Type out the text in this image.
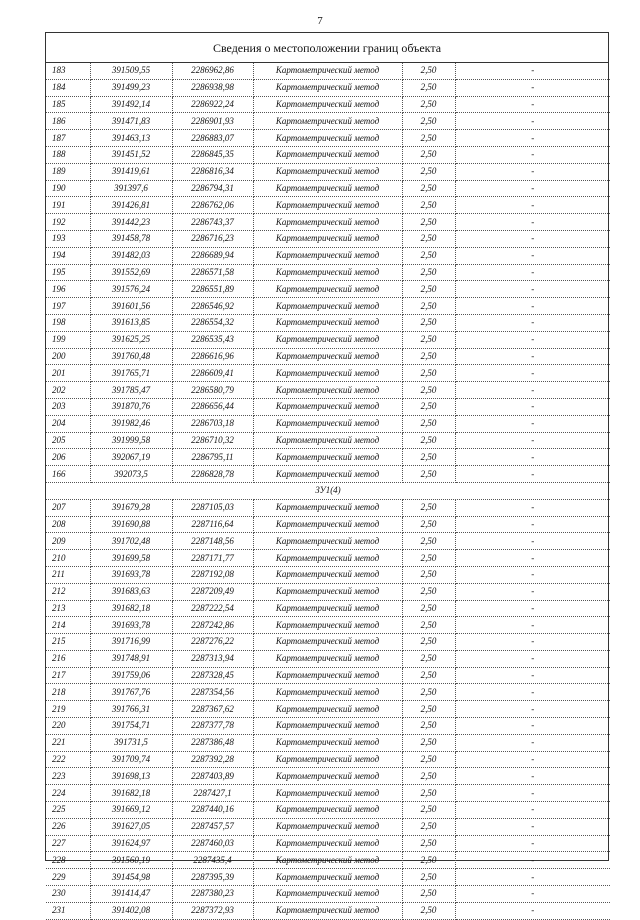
7
Сведения о местоположении границ объекта
183	391509,55	2286962,86	Картометрический метод	2,50	-
184	391499,23	2286938,98	Картометрический метод	2,50	-
185	391492,14	2286922,24	Картометрический метод	2,50	-
186	391471,83	2286901,93	Картометрический метод	2,50	-
187	391463,13	2286883,07	Картометрический метод	2,50	-
188	391451,52	2286845,35	Картометрический метод	2,50	-
189	391419,61	2286816,34	Картометрический метод	2,50	-
190	391397,6	2286794,31	Картометрический метод	2,50	-
191	391426,81	2286762,06	Картометрический метод	2,50	-
192	391442,23	2286743,37	Картометрический метод	2,50	-
193	391458,78	2286716,23	Картометрический метод	2,50	-
194	391482,03	2286689,94	Картометрический метод	2,50	-
195	391552,69	2286571,58	Картометрический метод	2,50	-
196	391576,24	2286551,89	Картометрический метод	2,50	-
197	391601,56	2286546,92	Картометрический метод	2,50	-
198	391613,85	2286554,32	Картометрический метод	2,50	-
199	391625,25	2286535,43	Картометрический метод	2,50	-
200	391760,48	2286616,96	Картометрический метод	2,50	-
201	391765,71	2286609,41	Картометрический метод	2,50	-
202	391785,47	2286580,79	Картометрический метод	2,50	-
203	391870,76	2286656,44	Картометрический метод	2,50	-
204	391982,46	2286703,18	Картометрический метод	2,50	-
205	391999,58	2286710,32	Картометрический метод	2,50	-
206	392067,19	2286795,11	Картометрический метод	2,50	-
166	392073,5	2286828,78	Картометрический метод	2,50	-
ЗУ1(4)					
207	391679,28	2287105,03	Картометрический метод	2,50	-
208	391690,88	2287116,64	Картометрический метод	2,50	-
209	391702,48	2287148,56	Картометрический метод	2,50	-
210	391699,58	2287171,77	Картометрический метод	2,50	-
211	391693,78	2287192,08	Картометрический метод	2,50	-
212	391683,63	2287209,49	Картометрический метод	2,50	-
213	391682,18	2287222,54	Картометрический метод	2,50	-
214	391693,78	2287242,86	Картометрический метод	2,50	-
215	391716,99	2287276,22	Картометрический метод	2,50	-
216	391748,91	2287313,94	Картометрический метод	2,50	-
217	391759,06	2287328,45	Картометрический метод	2,50	-
218	391767,76	2287354,56	Картометрический метод	2,50	-
219	391766,31	2287367,62	Картометрический метод	2,50	-
220	391754,71	2287377,78	Картометрический метод	2,50	-
221	391731,5	2287386,48	Картометрический метод	2,50	-
222	391709,74	2287392,28	Картометрический метод	2,50	-
223	391698,13	2287403,89	Картометрический метод	2,50	-
224	391682,18	2287427,1	Картометрический метод	2,50	-
225	391669,12	2287440,16	Картометрический метод	2,50	-
226	391627,05	2287457,57	Картометрический метод	2,50	-
227	391624,97	2287460,03	Картометрический метод	2,50	-
228	391560,19	2287435,4	Картометрический метод	2,50	-
229	391454,98	2287395,39	Картометрический метод	2,50	-
230	391414,47	2287380,23	Картометрический метод	2,50	-
231	391402,08	2287372,93	Картометрический метод	2,50	-
